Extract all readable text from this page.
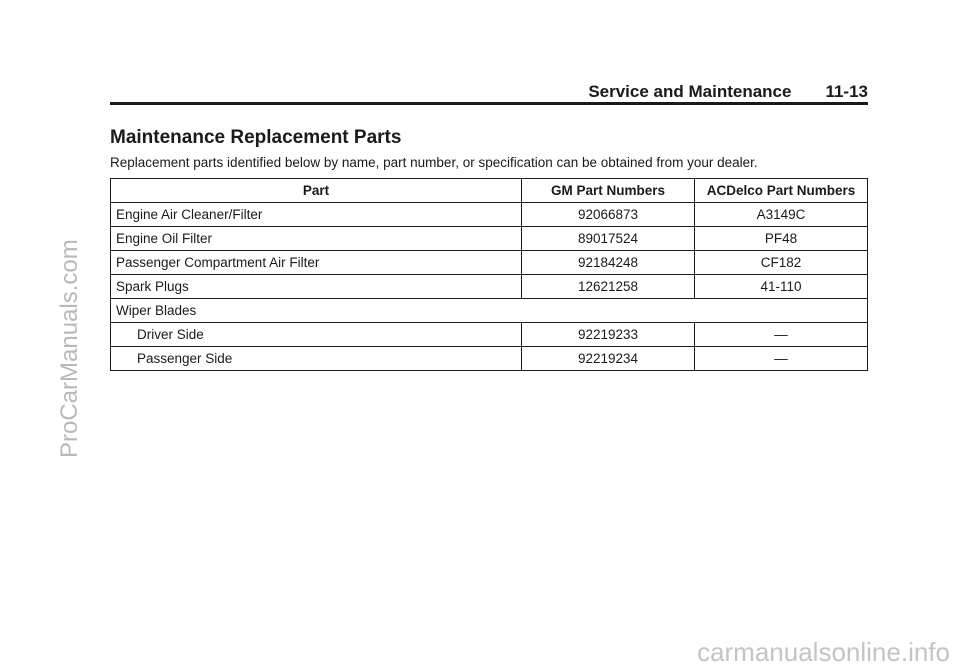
Service and Maintenance 11-13
Maintenance Replacement Parts

Replacement parts identified below by name, part number, or specification can be obtained from your dealer.

Part	GM Part Numbers	ACDelco Part Numbers
Engine Air Cleaner/Filter	92066873	A3149C
Engine Oil Filter	89017524	PF48
Passenger Compartment Air Filter	92184248	CF182
Spark Plugs	12621258	41-110
Wiper Blades		
Driver Side	92219233	—
Passenger Side	92219234	—
ProCarManuals.com
carmanualsonline.info
